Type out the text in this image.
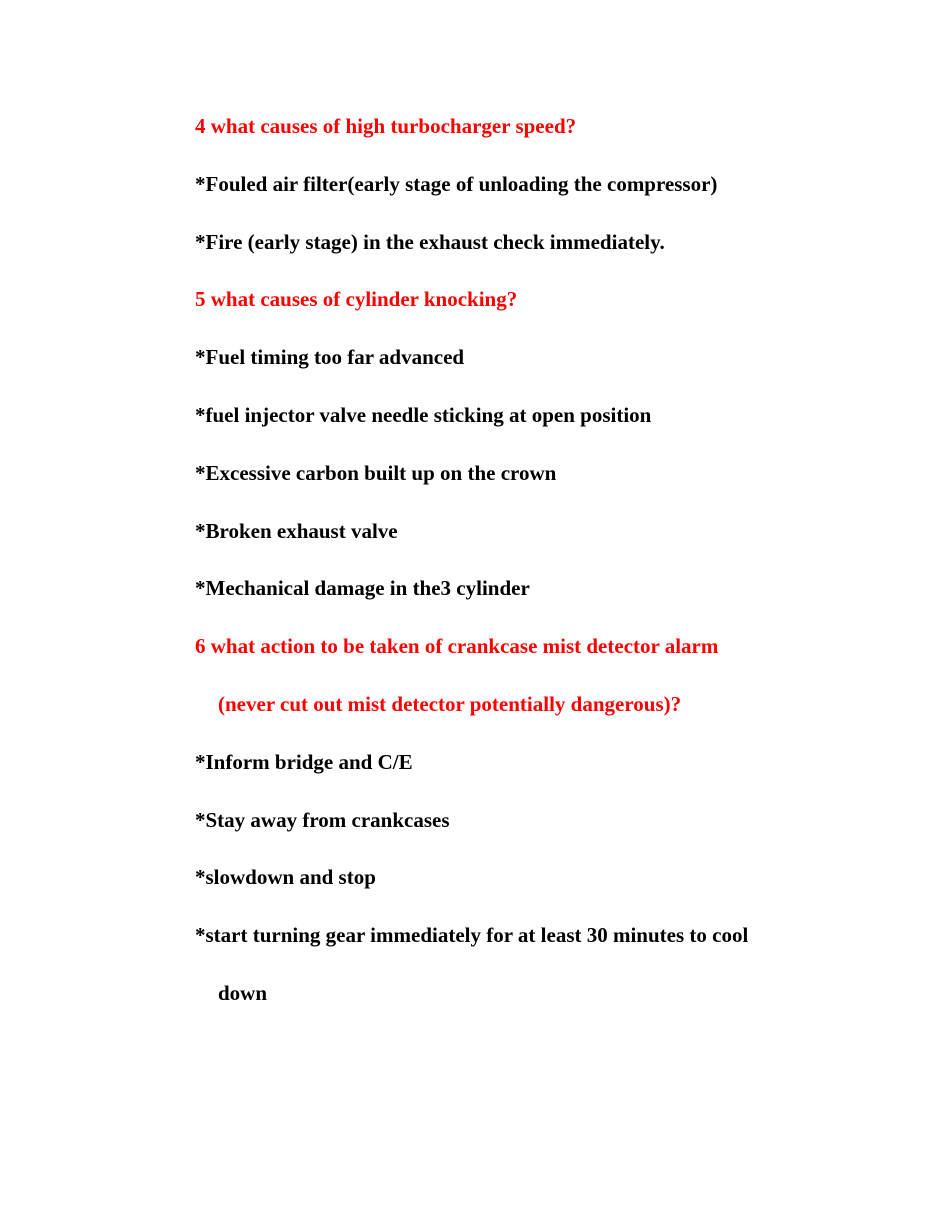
4 what causes of high turbocharger speed?
*Fouled air filter(early stage of unloading the compressor)
*Fire (early stage) in the exhaust check immediately.
5 what causes of cylinder knocking?
*Fuel timing too far advanced
*fuel injector valve needle sticking at open position
*Excessive carbon built up on the crown
*Broken exhaust valve
*Mechanical damage in the3 cylinder
6 what action to be taken of crankcase mist detector alarm
(never cut out mist detector potentially dangerous)?
*Inform bridge and C/E
*Stay away from crankcases
*slowdown and stop
*start turning gear immediately for at least 30 minutes to cool
down
